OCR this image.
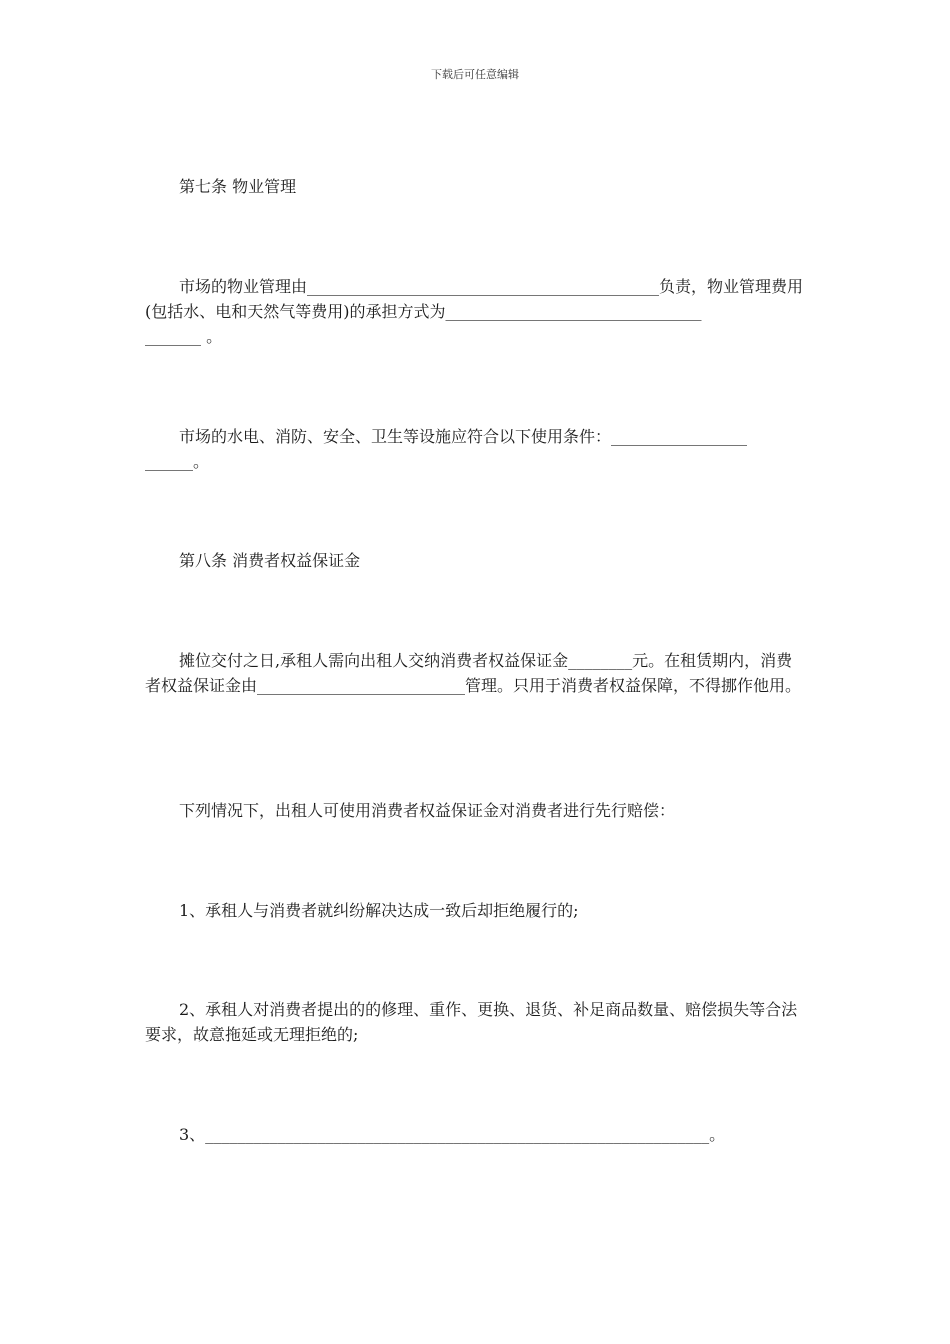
下载后可任意编辑
第七条 物业管理
市场的物业管理由____________________________________________负责，物业管理费用(包括水、电和天然气等费用)的承担方式为________________________________
_______ 。
市场的水电、消防、安全、卫生等设施应符合以下使用条件：_________________
______。
第八条 消费者权益保证金
摊位交付之日,承租人需向出租人交纳消费者权益保证金________元。在租赁期内，消费者权益保证金由__________________________管理。只用于消费者权益保障，不得挪作他用。
下列情况下，出租人可使用消费者权益保证金对消费者进行先行赔偿：
1、承租人与消费者就纠纷解决达成一致后却拒绝履行的;
2、承租人对消费者提出的的修理、重作、更换、退货、补足商品数量、赔偿损失等合法要求，故意拖延或无理拒绝的;
3、_______________________________________________________________。
